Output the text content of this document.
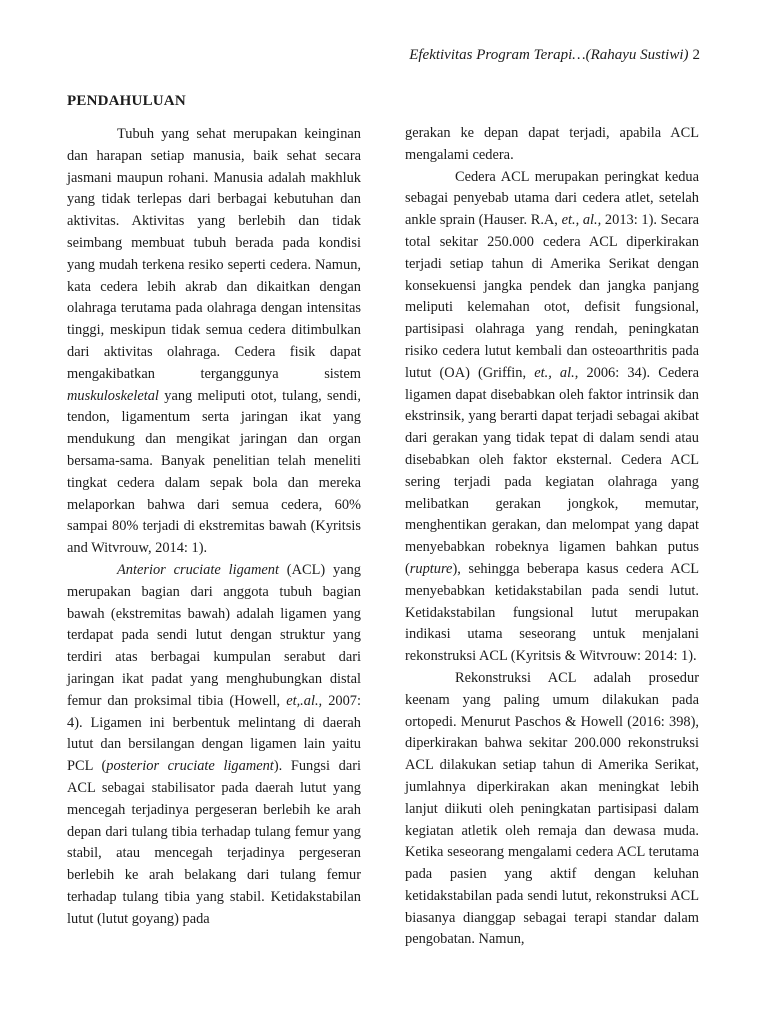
Efektivitas Program Terapi…(Rahayu Sustiwi) 2
PENDAHULUAN

Tubuh yang sehat merupakan keinginan dan harapan setiap manusia, baik sehat secara jasmani maupun rohani. Manusia adalah makhluk yang tidak terlepas dari berbagai kebutuhan dan aktivitas. Aktivitas yang berlebih dan tidak seimbang membuat tubuh berada pada kondisi yang mudah terkena resiko seperti cedera. Namun, kata cedera lebih akrab dan dikaitkan dengan olahraga terutama pada olahraga dengan intensitas tinggi, meskipun tidak semua cedera ditimbulkan dari aktivitas olahraga. Cedera fisik dapat mengakibatkan terganggunya sistem muskuloskeletal yang meliputi otot, tulang, sendi, tendon, ligamentum serta jaringan ikat yang mendukung dan mengikat jaringan dan organ bersama-sama. Banyak penelitian telah meneliti tingkat cedera dalam sepak bola dan mereka melaporkan bahwa dari semua cedera, 60% sampai 80% terjadi di ekstremitas bawah (Kyritsis and Witvrouw, 2014: 1).

Anterior cruciate ligament (ACL) yang merupakan bagian dari anggota tubuh bagian bawah (ekstremitas bawah) adalah ligamen yang terdapat pada sendi lutut dengan struktur yang terdiri atas berbagai kumpulan serabut dari jaringan ikat padat yang menghubungkan distal femur dan proksimal tibia (Howell, et,.al., 2007: 4). Ligamen ini berbentuk melintang di daerah lutut dan bersilangan dengan ligamen lain yaitu PCL (posterior cruciate ligament). Fungsi dari ACL sebagai stabilisator pada daerah lutut yang mencegah terjadinya pergeseran berlebih ke arah depan dari tulang tibia terhadap tulang femur yang stabil, atau mencegah terjadinya pergeseran berlebih ke arah belakang dari tulang femur terhadap tulang tibia yang stabil. Ketidakstabilan lutut (lutut goyang) pada

gerakan ke depan dapat terjadi, apabila ACL mengalami cedera.

Cedera ACL merupakan peringkat kedua sebagai penyebab utama dari cedera atlet, setelah ankle sprain (Hauser. R.A, et., al., 2013: 1). Secara total sekitar 250.000 cedera ACL diperkirakan terjadi setiap tahun di Amerika Serikat dengan konsekuensi jangka pendek dan jangka panjang meliputi kelemahan otot, defisit fungsional, partisipasi olahraga yang rendah, peningkatan risiko cedera lutut kembali dan osteoarthritis pada lutut (OA) (Griffin, et., al., 2006: 34). Cedera ligamen dapat disebabkan oleh faktor intrinsik dan ekstrinsik, yang berarti dapat terjadi sebagai akibat dari gerakan yang tidak tepat di dalam sendi atau disebabkan oleh faktor eksternal. Cedera ACL sering terjadi pada kegiatan olahraga yang melibatkan gerakan jongkok, memutar, menghentikan gerakan, dan melompat yang dapat menyebabkan robeknya ligamen bahkan putus (rupture), sehingga beberapa kasus cedera ACL menyebabkan ketidakstabilan pada sendi lutut. Ketidakstabilan fungsional lutut merupakan indikasi utama seseorang untuk menjalani rekonstruksi ACL (Kyritsis & Witvrouw: 2014: 1).

Rekonstruksi ACL adalah prosedur keenam yang paling umum dilakukan pada ortopedi. Menurut Paschos & Howell (2016: 398), diperkirakan bahwa sekitar 200.000 rekonstruksi ACL dilakukan setiap tahun di Amerika Serikat, jumlahnya diperkirakan akan meningkat lebih lanjut diikuti oleh peningkatan partisipasi dalam kegiatan atletik oleh remaja dan dewasa muda. Ketika seseorang mengalami cedera ACL terutama pada pasien yang aktif dengan keluhan ketidakstabilan pada sendi lutut, rekonstruksi ACL biasanya dianggap sebagai terapi standar dalam pengobatan. Namun,
